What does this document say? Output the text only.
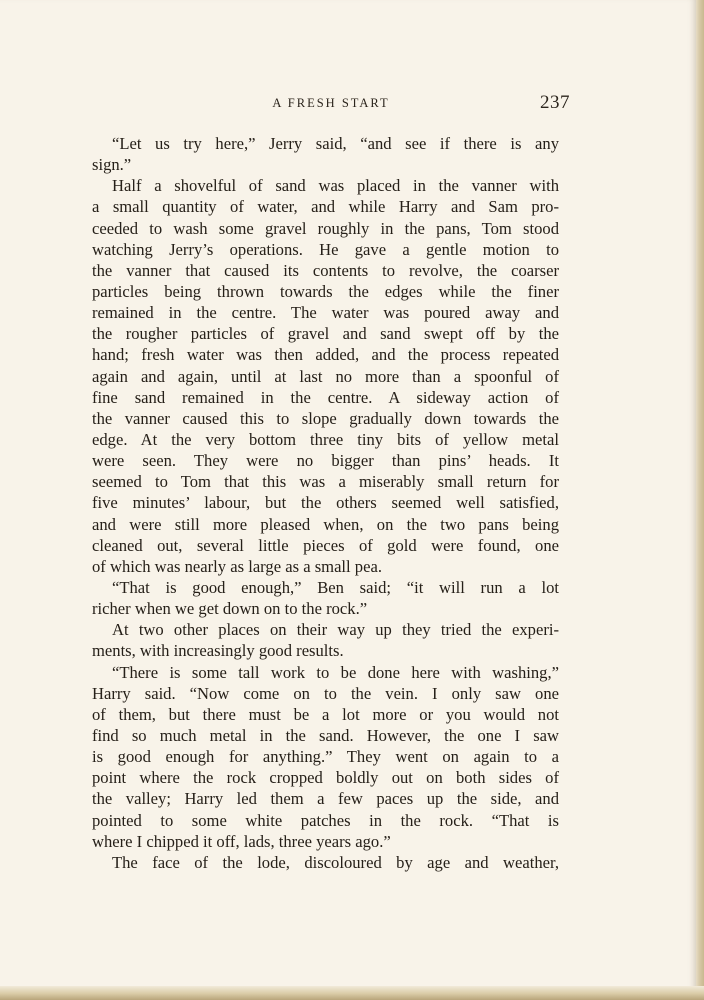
A FRESH START	237
“Let us try here,” Jerry said, “and see if there is any
sign.”
Half a shovelful of sand was placed in the vanner with
a small quantity of water, and while Harry and Sam pro-
ceeded to wash some gravel roughly in the pans, Tom stood
watching Jerry’s operations. He gave a gentle motion to
the vanner that caused its contents to revolve, the coarser
particles being thrown towards the edges while the finer
remained in the centre. The water was poured away and
the rougher particles of gravel and sand swept off by the
hand; fresh water was then added, and the process repeated
again and again, until at last no more than a spoonful of
fine sand remained in the centre. A sideway action of
the vanner caused this to slope gradually down towards the
edge. At the very bottom three tiny bits of yellow metal
were seen. They were no bigger than pins’ heads. It
seemed to Tom that this was a miserably small return for
five minutes’ labour, but the others seemed well satisfied,
and were still more pleased when, on the two pans being
cleaned out, several little pieces of gold were found, one
of which was nearly as large as a small pea.
“That is good enough,” Ben said; “it will run a lot
richer when we get down on to the rock.”
At two other places on their way up they tried the experi-
ments, with increasingly good results.
“There is some tall work to be done here with washing,”
Harry said. “Now come on to the vein. I only saw one
of them, but there must be a lot more or you would not
find so much metal in the sand. However, the one I saw
is good enough for anything.” They went on again to a
point where the rock cropped boldly out on both sides of
the valley; Harry led them a few paces up the side, and
pointed to some white patches in the rock. “That is
where I chipped it off, lads, three years ago.”
The face of the lode, discoloured by age and weather,
